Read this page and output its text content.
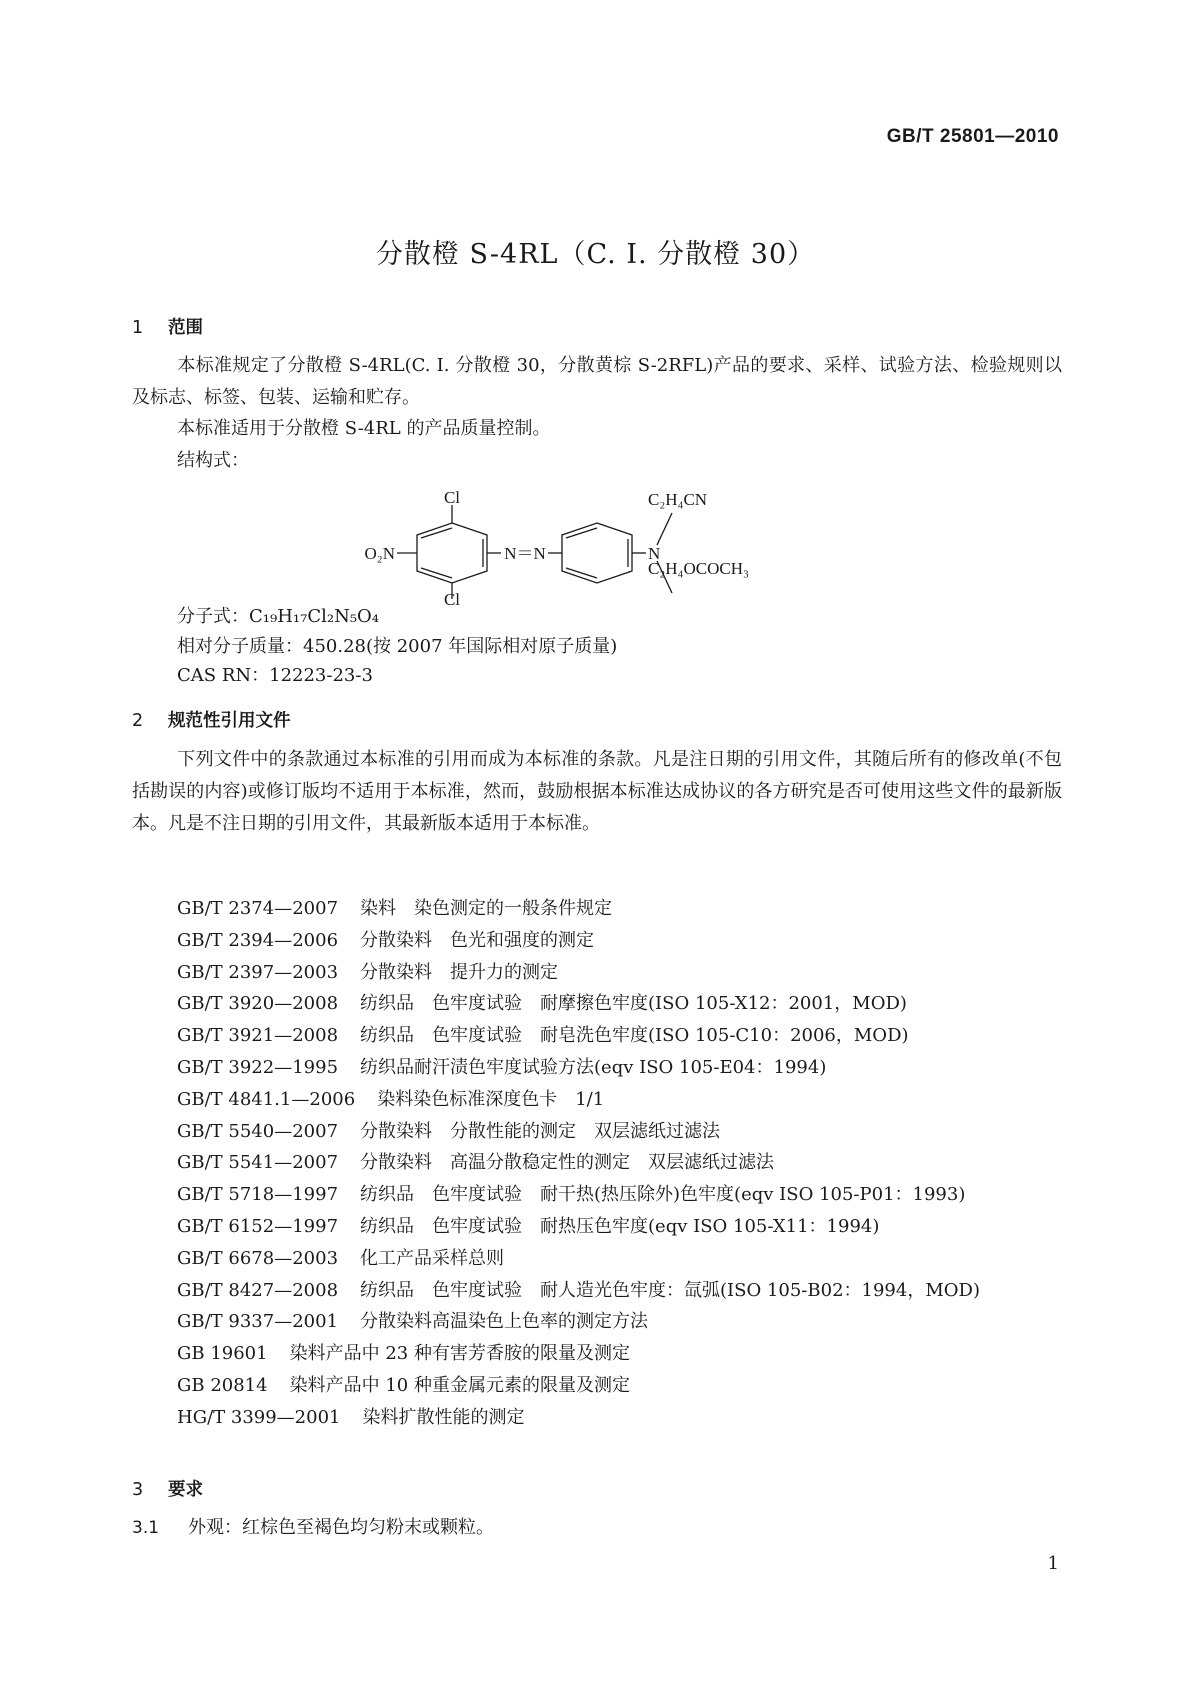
GB/T 25801—2010
分散橙 S-4RL（C. I. 分散橙 30）
1 范围
本标准规定了分散橙 S-4RL(C. I. 分散橙 30，分散黄棕 S-2RFL)产品的要求、采样、试验方法、检验规则以及标志、标签、包装、运输和贮存。
本标准适用于分散橙 S-4RL 的产品质量控制。
结构式：
Cl
Cl
O₂N	N＝N	N
C₂H₄CN
C₂H₄OCOCH₃
分子式：C₁₉H₁₇Cl₂N₅O₄
相对分子质量：450.28(按 2007 年国际相对原子质量)
CAS RN：12223-23-3
2 规范性引用文件
下列文件中的条款通过本标准的引用而成为本标准的条款。凡是注日期的引用文件，其随后所有的修改单(不包括勘误的内容)或修订版均不适用于本标准，然而，鼓励根据本标准达成协议的各方研究是否可使用这些文件的最新版本。凡是不注日期的引用文件，其最新版本适用于本标准。
GB/T 2374—2007 染料　染色测定的一般条件规定
GB/T 2394—2006 分散染料　色光和强度的测定
GB/T 2397—2003 分散染料　提升力的测定
GB/T 3920—2008 纺织品　色牢度试验　耐摩擦色牢度(ISO 105-X12：2001，MOD)
GB/T 3921—2008 纺织品　色牢度试验　耐皂洗色牢度(ISO 105-C10：2006，MOD)
GB/T 3922—1995 纺织品耐汗渍色牢度试验方法(eqv ISO 105-E04：1994)
GB/T 4841.1—2006 染料染色标准深度色卡　1/1
GB/T 5540—2007 分散染料　分散性能的测定　双层滤纸过滤法
GB/T 5541—2007 分散染料　高温分散稳定性的测定　双层滤纸过滤法
GB/T 5718—1997 纺织品　色牢度试验　耐干热(热压除外)色牢度(eqv ISO 105-P01：1993)
GB/T 6152—1997 纺织品　色牢度试验　耐热压色牢度(eqv ISO 105-X11：1994)
GB/T 6678—2003 化工产品采样总则
GB/T 8427—2008 纺织品　色牢度试验　耐人造光色牢度：氙弧(ISO 105-B02：1994，MOD)
GB/T 9337—2001 分散染料高温染色上色率的测定方法
GB 19601 染料产品中 23 种有害芳香胺的限量及测定
GB 20814 染料产品中 10 种重金属元素的限量及测定
HG/T 3399—2001 染料扩散性能的测定
3 要求
3.1 外观：红棕色至褐色均匀粉末或颗粒。
1
